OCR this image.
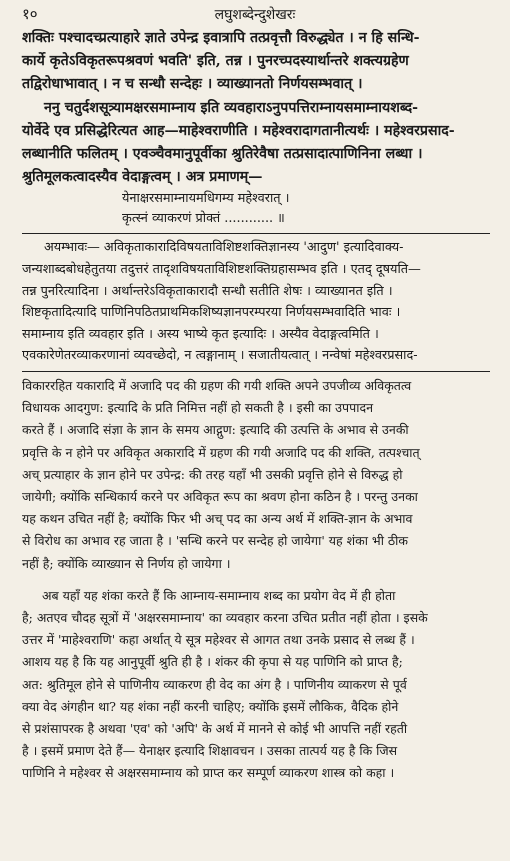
१०	लघुशब्देन्दुशेखरः
शक्तिः पश्चादच्प्रत्याहारे ज्ञाते उपेन्द्र इवात्रापि तत्प्रवृत्तौ विरुद्ध्येत । न हि सन्धि-
कार्ये कृतेऽविकृतरूपश्रवणं भवति' इति, तन्न । पुनरच्पदस्यार्थान्तरे शक्त्यग्रहेण
तद्विरोधाभावात् । न च सन्धौ सन्देहः । व्याख्यानतो निर्णयसम्भवात् ।
ननु चतुर्दशसूत्र्यामक्षरसमाम्नाय इति व्यवहाराऽनुपपत्तिराम्नायसमाम्नायशब्द-
योर्वेदे एव प्रसिद्धेरित्यत आह—माहेश्वराणीति । महेश्वरादागतानीत्यर्थः । महेश्वरप्रसाद-
लब्धानीति फलितम् । एवञ्चैवमानुपूर्वीका श्रुतिरेवैषा तत्प्रसादात्पाणिनिना लब्धा ।
श्रुतिमूलकत्वादस्यैव वेदाङ्गत्वम् । अत्र प्रमाणम्—
येनाक्षरसमाम्नायमधिगम्य महेश्वरात् ।
कृत्स्नं व्याकरणं प्रोक्तं ............ ॥
अयम्भावः— अविकृताकारादिविषयताविशिष्टशक्तिज्ञानस्य 'आदुण' इत्यादिवाक्य-
जन्यशाब्दबोधहेतुतया तदुत्तरं तादृशविषयताविशिष्टशक्तिग्रहासम्भव इति । एतद् दूषयति—
तन्न पुनरित्यादिना । अर्थान्तरेऽविकृताकारादौ सन्धौ सतीति शेषः । व्याख्यानत इति ।
शिष्टकृतादित्यादि पाणिनिपठितप्राथमिकशिष्यज्ञानपरम्परया निर्णयसम्भवादिति भावः ।
समाम्नाय इति व्यवहार इति । अस्य भाष्ये कृत इत्यादिः । अस्यैव वेदाङ्गत्वमिति ।
एवकारेणेतरव्याकरणानां व्यवच्छेदो, न त्वङ्गानाम् । सजातीयत्वात् । नन्वेषां महेश्वरप्रसाद-
विकाररहित यकारादि में अजादि पद की ग्रहण की गयी शक्ति अपने उपजीव्य अविकृतत्व
विधायक आदगुण: इत्यादि के प्रति निमित्त नहीं हो सकती है । इसी का उपपादन
करते हैं । अजादि संज्ञा के ज्ञान के समय आद्गुण: इत्यादि की उत्पत्ति के अभाव से उनकी
प्रवृत्ति के न होने पर अविकृत अकारादि में ग्रहण की गयी अजादि पद की शक्ति, तत्पश्चात्
अच् प्रत्याहार के ज्ञान होने पर उपेन्द्र: की तरह यहाँ भी उसकी प्रवृत्ति होने से विरुद्ध हो
जायेगी; क्योंकि सन्धिकार्य करने पर अविकृत रूप का श्रवण होना कठिन है । परन्तु उनका
यह कथन उचित नहीं है; क्योंकि फिर भी अच् पद का अन्य अर्थ में शक्ति-ज्ञान के अभाव
से विरोध का अभाव रह जाता है । 'सन्धि करने पर सन्देह हो जायेगा' यह शंका भी ठीक
नहीं है; क्योंकि व्याख्यान से निर्णय हो जायेगा ।
अब यहाँ यह शंका करते हैं कि आम्नाय-समाम्नाय शब्द का प्रयोग वेद में ही होता
है; अतएव चौदह सूत्रों में 'अक्षरसमाम्नाय' का व्यवहार करना उचित प्रतीत नहीं होता । इसके
उत्तर में 'माहेश्वराणि' कहा अर्थात् ये सूत्र महेश्वर से आगत तथा उनके प्रसाद से लब्ध हैं ।
आशय यह है कि यह आनुपूर्वी श्रुति ही है । शंकर की कृपा से यह पाणिनि को प्राप्त है;
अत: श्रुतिमूल होने से पाणिनीय व्याकरण ही वेद का अंग है । पाणिनीय व्याकरण से पूर्व
क्या वेद अंगहीन था? यह शंका नहीं करनी चाहिए; क्योंकि इसमें लौकिक, वैदिक होने
से प्रशंसापरक है अथवा 'एव' को 'अपि' के अर्थ में मानने से कोई भी आपत्ति नहीं रहती
है । इसमें प्रमाण देते हैं— येनाक्षर इत्यादि शिक्षावचन । उसका तात्पर्य यह है कि जिस
पाणिनि ने महेश्वर से अक्षरसमाम्नाय को प्राप्त कर सम्पूर्ण व्याकरण शास्त्र को कहा ।
